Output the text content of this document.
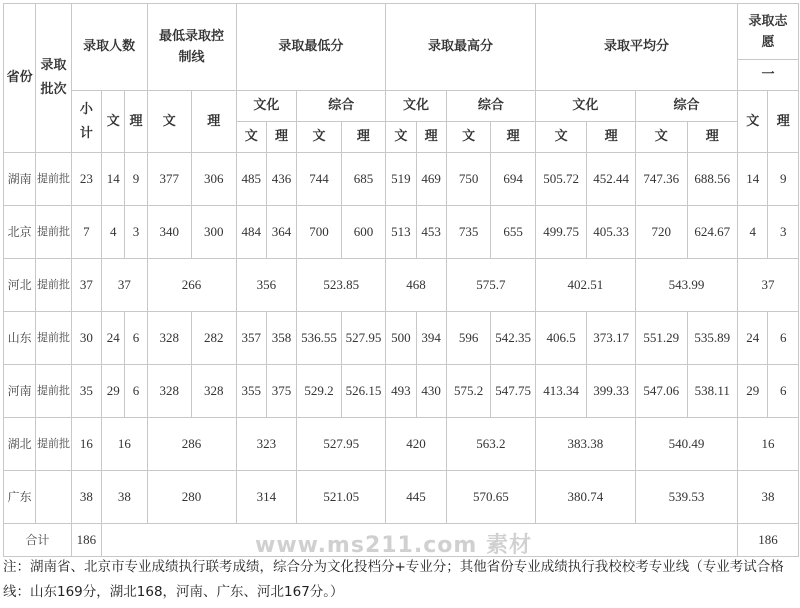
省份	录取批次	录取人数			最低录取控制线		录取最低分				录取最高分				录取平均分				录取志愿	
																			一	
		小计	文	理	文	理	文化		综合		文化		综合		文化		综合		文	理
							文	理	文	理	文	理	文	理	文	理	文	理		

湖南	提前批	23	14	9	377	306	485	436	744	685	519	469	750	694	505.72	452.44	747.36	688.56	14	9

北京	提前批	7	4	3	340	300	484	364	700	600	513	453	735	655	499.75	405.33	720	624.67	4	3

河北	提前批	37	37		266		356		523.85		468		575.7		402.51		543.99		37	

山东	提前批	30	24	6	328	282	357	358	536.55	527.95	500	394	596	542.35	406.5	373.17	551.29	535.89	24	6

河南	提前批	35	29	6	328	328	355	375	529.2	526.15	493	430	575.2	547.75	413.34	399.33	547.06	538.11	29	6

湖北	提前批	16	16		286		323		527.95		420		563.2		383.38		540.49		16	

广东		38	38		280		314		521.05		445		570.65		380.74		539.53		38	
合计		186																	186	
www.ms211.com 素材

注：湖南省、北京市专业成绩执行联考成绩，综合分为文化投档分+专业分；其他省份专业成绩执行我校校考专业线（专业考试合格线：山东169分，湖北168，河南、广东、河北167分。）
